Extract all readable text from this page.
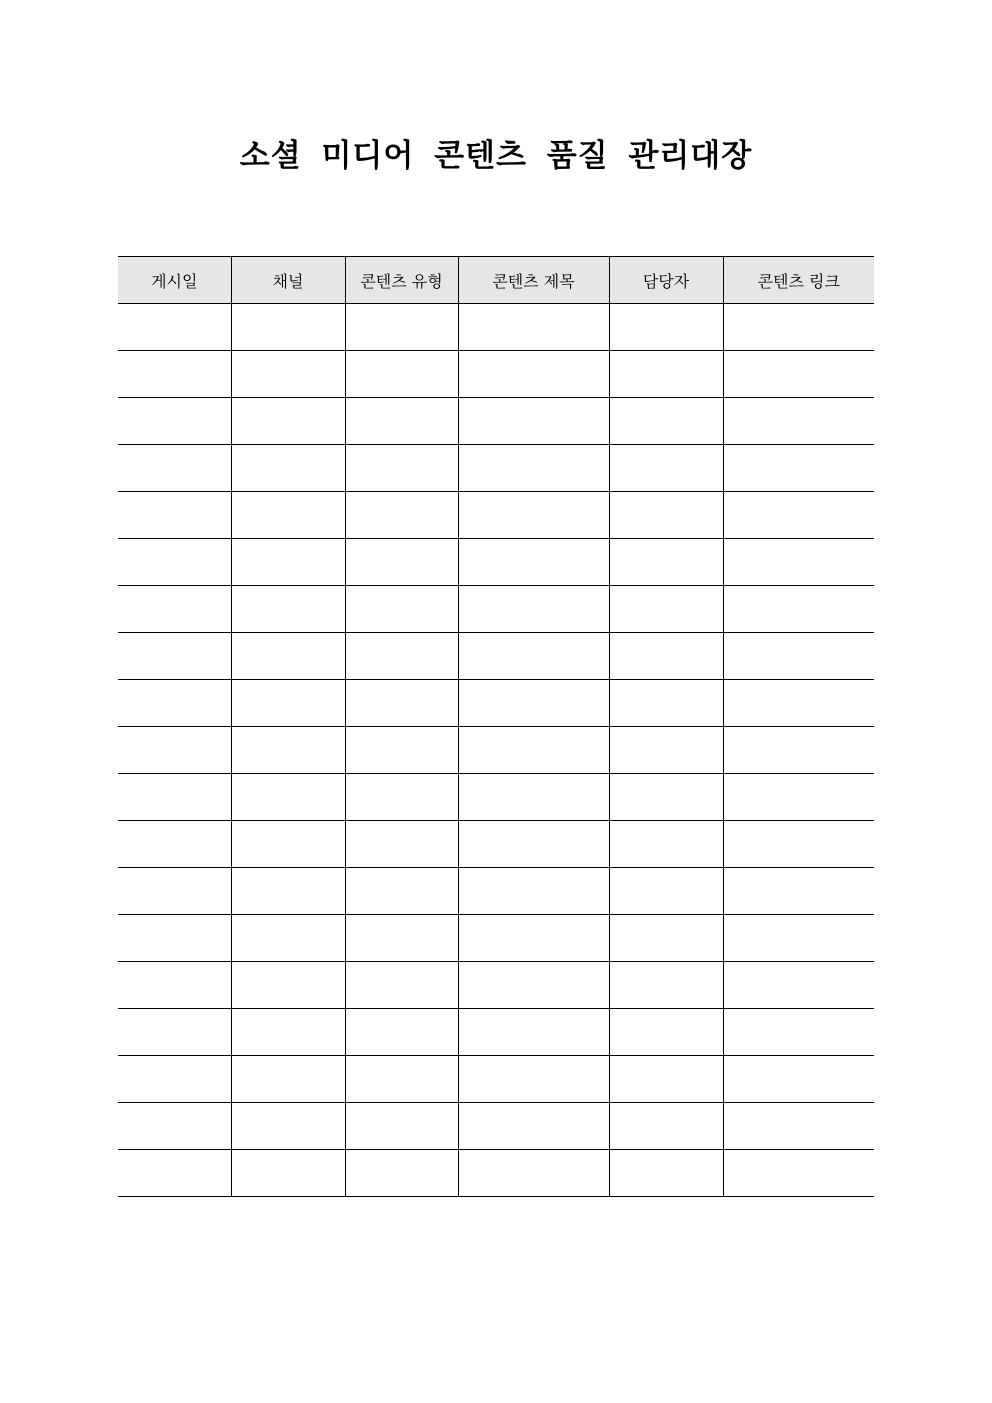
소셜 미디어 콘텐츠 품질 관리대장
게시일	채널	콘텐츠 유형	콘텐츠 제목	담당자	콘텐츠 링크
